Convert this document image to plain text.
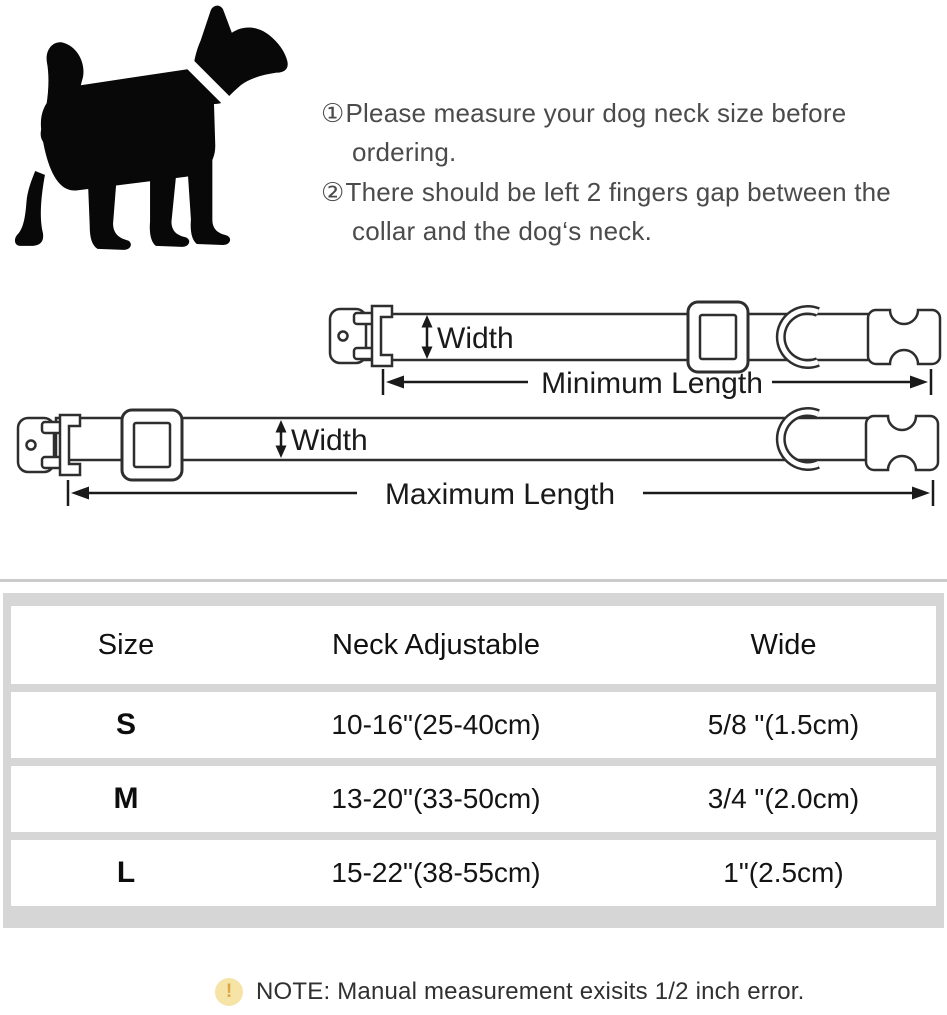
①Please measure your dog neck size before ordering.

②There should be left 2 fingers gap between the collar and the dog‘s neck.

Width
Minimum Length
Width
Maximum Length
Size	Neck Adjustable	Wide
S	10-16"(25-40cm)	5/8 "(1.5cm)
M	13-20"(33-50cm)	3/4 "(2.0cm)
L	15-22"(38-55cm)	1"(2.5cm)
! NOTE: Manual measurement exisits 1/2 inch error.
